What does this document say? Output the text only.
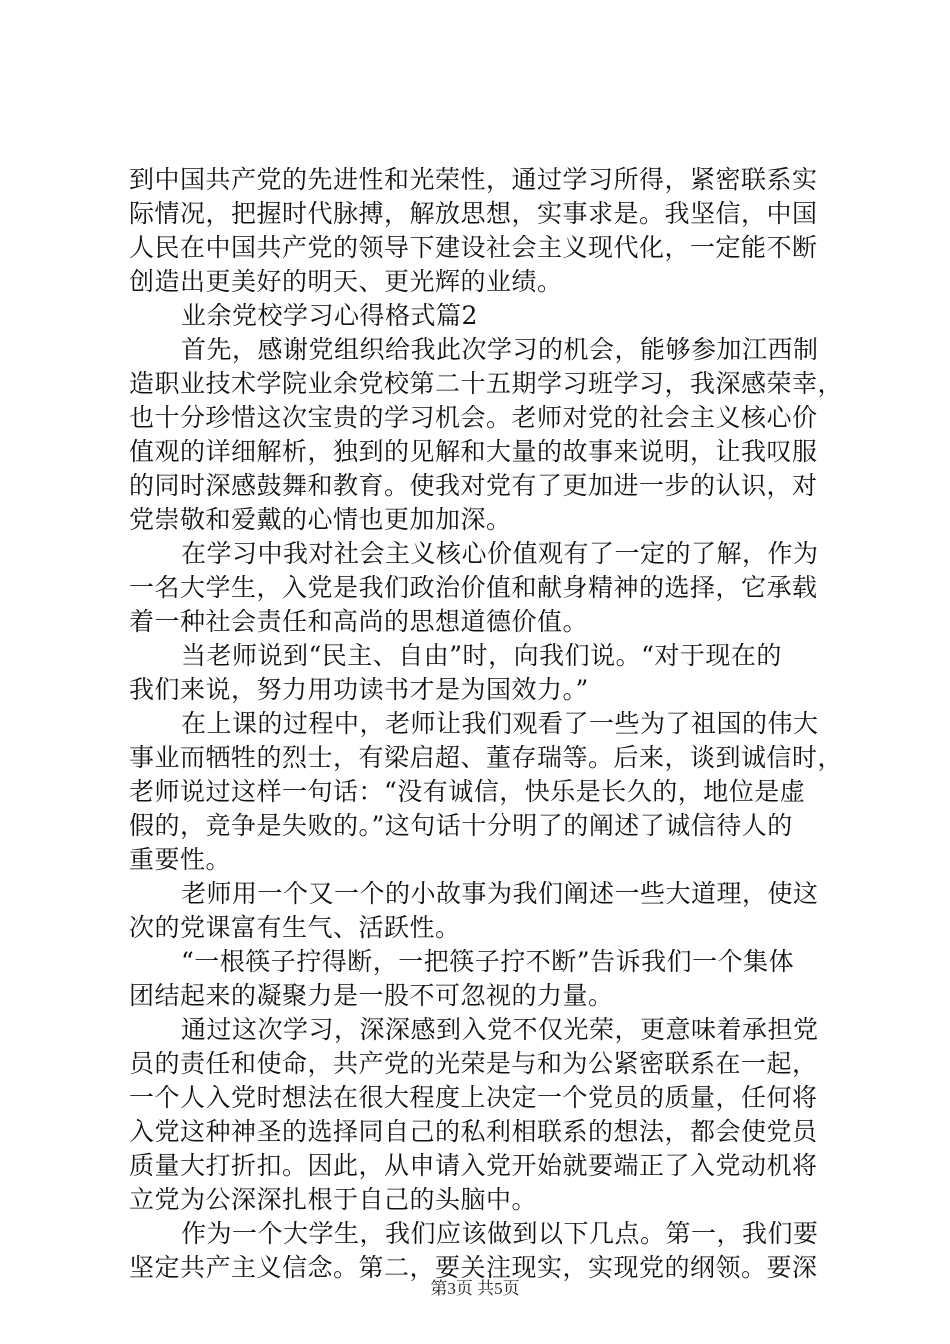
到中国共产党的先进性和光荣性，通过学习所得，紧密联系实
际情况，把握时代脉搏，解放思想，实事求是。我坚信，中国
人民在中国共产党的领导下建设社会主义现代化，一定能不断
创造出更美好的明天、更光辉的业绩。
业余党校学习心得格式篇2
首先，感谢党组织给我此次学习的机会，能够参加江西制
造职业技术学院业余党校第二十五期学习班学习，我深感荣幸，
也十分珍惜这次宝贵的学习机会。老师对党的社会主义核心价
值观的详细解析，独到的见解和大量的故事来说明，让我叹服
的同时深感鼓舞和教育。使我对党有了更加进一步的认识，对
党崇敬和爱戴的心情也更加加深。
在学习中我对社会主义核心价值观有了一定的了解，作为
一名大学生，入党是我们政治价值和献身精神的选择，它承载
着一种社会责任和高尚的思想道德价值。
当老师说到“民主、自由”时，向我们说。“对于现在的
我们来说，努力用功读书才是为国效力。”
在上课的过程中，老师让我们观看了一些为了祖国的伟大
事业而牺牲的烈士，有梁启超、董存瑞等。后来，谈到诚信时，
老师说过这样一句话：“没有诚信，快乐是长久的，地位是虚
假的，竞争是失败的。”这句话十分明了的阐述了诚信待人的
重要性。
老师用一个又一个的小故事为我们阐述一些大道理，使这
次的党课富有生气、活跃性。
“一根筷子拧得断，一把筷子拧不断”告诉我们一个集体
团结起来的凝聚力是一股不可忽视的力量。
通过这次学习，深深感到入党不仅光荣，更意味着承担党
员的责任和使命，共产党的光荣是与和为公紧密联系在一起，
一个人入党时想法在很大程度上决定一个党员的质量，任何将
入党这种神圣的选择同自己的私利相联系的想法，都会使党员
质量大打折扣。因此，从申请入党开始就要端正了入党动机将
立党为公深深扎根于自己的头脑中。
作为一个大学生，我们应该做到以下几点。第一，我们要
坚定共产主义信念。第二，要关注现实，实现党的纲领。要深
第3页 共5页
